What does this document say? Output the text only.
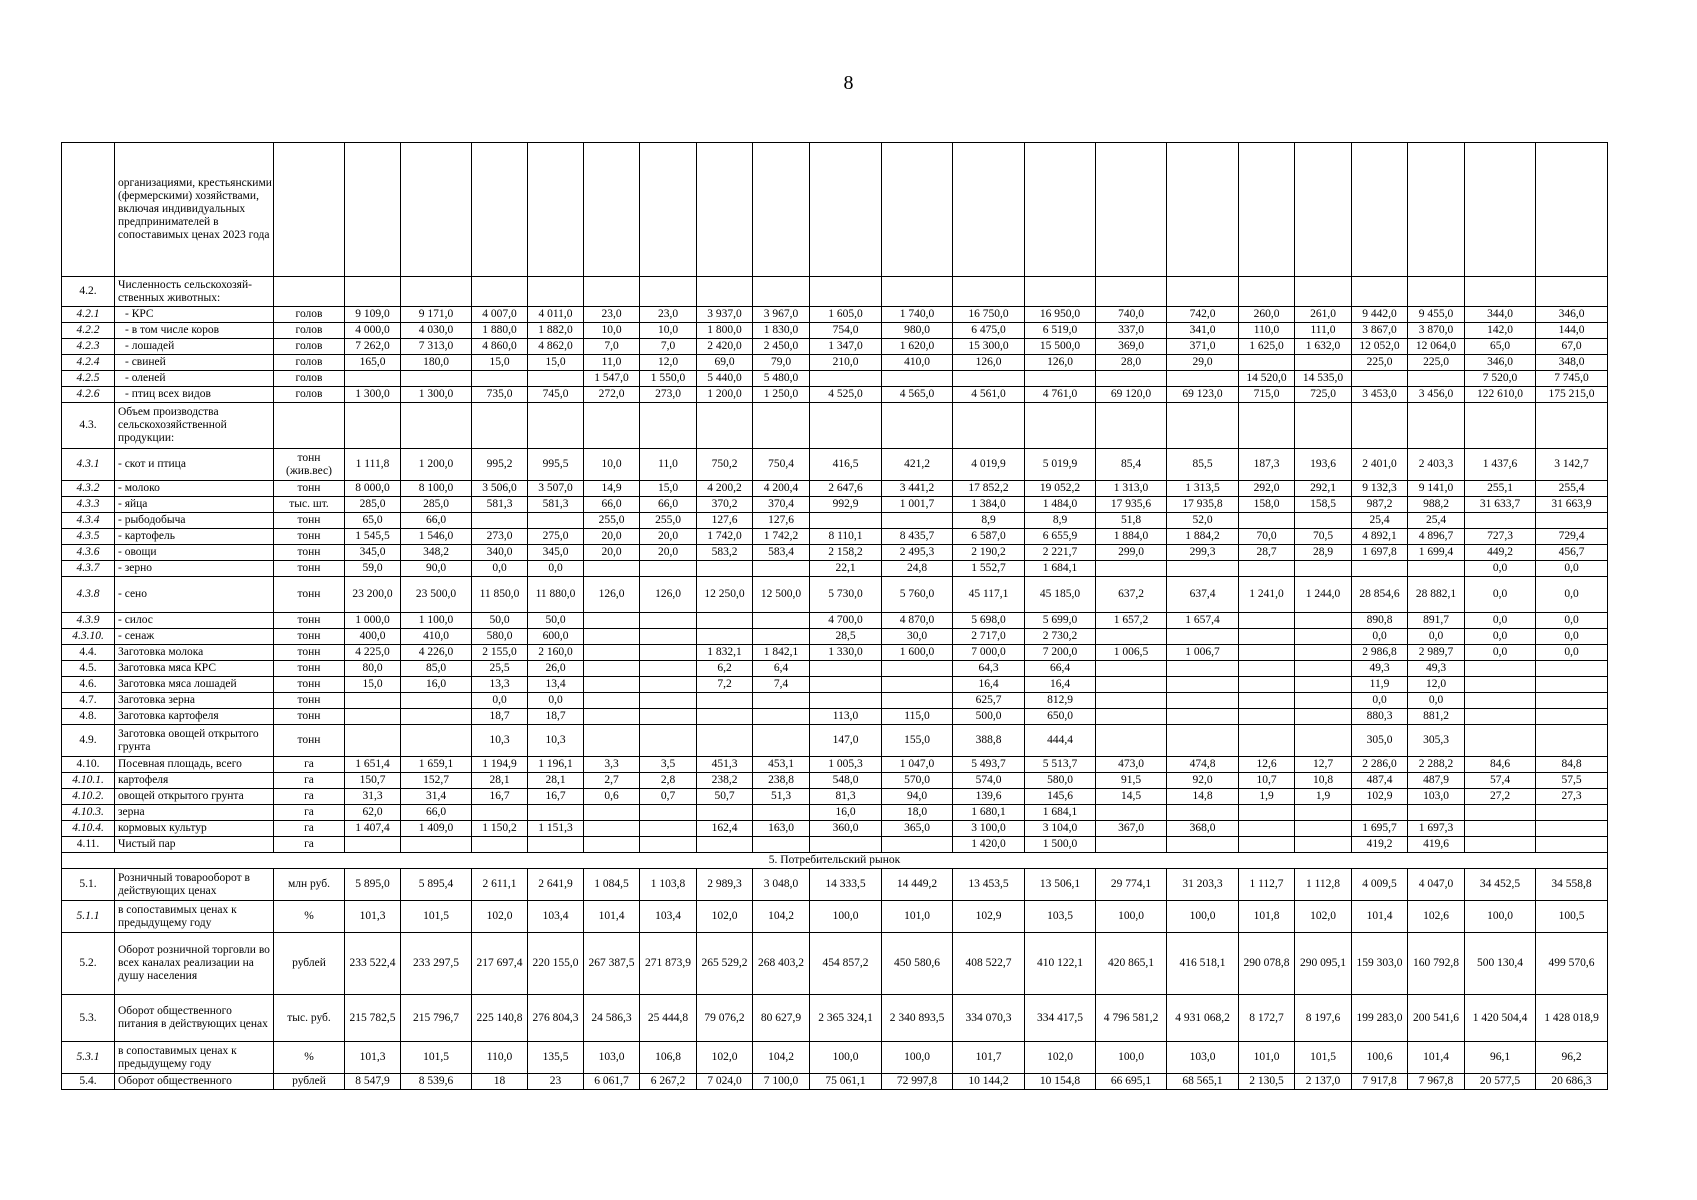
8
	организациями, крестьянскими (фермерскими) хозяйствами, включая индивидуальных предпринимателей в сопоставимых ценах 2023 года																					
4.2.	Численность сельскохозяй-ственных животных:																					
4.2.1	- КРС	голов	9 109,0	9 171,0	4 007,0	4 011,0	23,0	23,0	3 937,0	3 967,0	1 605,0	1 740,0	16 750,0	16 950,0	740,0	742,0	260,0	261,0	9 442,0	9 455,0	344,0	346,0
4.2.2	- в том числе коров	голов	4 000,0	4 030,0	1 880,0	1 882,0	10,0	10,0	1 800,0	1 830,0	754,0	980,0	6 475,0	6 519,0	337,0	341,0	110,0	111,0	3 867,0	3 870,0	142,0	144,0
4.2.3	- лошадей	голов	7 262,0	7 313,0	4 860,0	4 862,0	7,0	7,0	2 420,0	2 450,0	1 347,0	1 620,0	15 300,0	15 500,0	369,0	371,0	1 625,0	1 632,0	12 052,0	12 064,0	65,0	67,0
4.2.4	- свиней	голов	165,0	180,0	15,0	15,0	11,0	12,0	69,0	79,0	210,0	410,0	126,0	126,0	28,0	29,0			225,0	225,0	346,0	348,0
4.2.5	- оленей	голов					1 547,0	1 550,0	5 440,0	5 480,0							14 520,0	14 535,0			7 520,0	7 745,0
4.2.6	- птиц всех видов	голов	1 300,0	1 300,0	735,0	745,0	272,0	273,0	1 200,0	1 250,0	4 525,0	4 565,0	4 561,0	4 761,0	69 120,0	69 123,0	715,0	725,0	3 453,0	3 456,0	122 610,0	175 215,0
4.3.	Объем производства сельскохозяйственной продукции:																					
4.3.1	- скот и птица	тонн (жив.вес)	1 111,8	1 200,0	995,2	995,5	10,0	11,0	750,2	750,4	416,5	421,2	4 019,9	5 019,9	85,4	85,5	187,3	193,6	2 401,0	2 403,3	1 437,6	3 142,7
4.3.2	- молоко	тонн	8 000,0	8 100,0	3 506,0	3 507,0	14,9	15,0	4 200,2	4 200,4	2 647,6	3 441,2	17 852,2	19 052,2	1 313,0	1 313,5	292,0	292,1	9 132,3	9 141,0	255,1	255,4
4.3.3	- яйца	тыс. шт.	285,0	285,0	581,3	581,3	66,0	66,0	370,2	370,4	992,9	1 001,7	1 384,0	1 484,0	17 935,6	17 935,8	158,0	158,5	987,2	988,2	31 633,7	31 663,9
4.3.4	- рыбодобыча	тонн	65,0	66,0			255,0	255,0	127,6	127,6			8,9	8,9	51,8	52,0			25,4	25,4		
4.3.5	- картофель	тонн	1 545,5	1 546,0	273,0	275,0	20,0	20,0	1 742,0	1 742,2	8 110,1	8 435,7	6 587,0	6 655,9	1 884,0	1 884,2	70,0	70,5	4 892,1	4 896,7	727,3	729,4
4.3.6	- овощи	тонн	345,0	348,2	340,0	345,0	20,0	20,0	583,2	583,4	2 158,2	2 495,3	2 190,2	2 221,7	299,0	299,3	28,7	28,9	1 697,8	1 699,4	449,2	456,7
4.3.7	- зерно	тонн	59,0	90,0	0,0	0,0					22,1	24,8	1 552,7	1 684,1							0,0	0,0
4.3.8	- сено	тонн	23 200,0	23 500,0	11 850,0	11 880,0	126,0	126,0	12 250,0	12 500,0	5 730,0	5 760,0	45 117,1	45 185,0	637,2	637,4	1 241,0	1 244,0	28 854,6	28 882,1	0,0	0,0
4.3.9	- силос	тонн	1 000,0	1 100,0	50,0	50,0					4 700,0	4 870,0	5 698,0	5 699,0	1 657,2	1 657,4			890,8	891,7	0,0	0,0
4.3.10.	- сенаж	тонн	400,0	410,0	580,0	600,0					28,5	30,0	2 717,0	2 730,2					0,0	0,0	0,0	0,0
4.4.	Заготовка молока	тонн	4 225,0	4 226,0	2 155,0	2 160,0			1 832,1	1 842,1	1 330,0	1 600,0	7 000,0	7 200,0	1 006,5	1 006,7			2 986,8	2 989,7	0,0	0,0
4.5.	Заготовка мяса КРС	тонн	80,0	85,0	25,5	26,0			6,2	6,4			64,3	66,4					49,3	49,3		
4.6.	Заготовка мяса лошадей	тонн	15,0	16,0	13,3	13,4			7,2	7,4			16,4	16,4					11,9	12,0		
4.7.	Заготовка зерна	тонн			0,0	0,0							625,7	812,9					0,0	0,0		
4.8.	Заготовка картофеля	тонн			18,7	18,7					113,0	115,0	500,0	650,0					880,3	881,2		
4.9.	Заготовка овощей открытого грунта	тонн			10,3	10,3					147,0	155,0	388,8	444,4					305,0	305,3		
4.10.	Посевная площадь, всего	га	1 651,4	1 659,1	1 194,9	1 196,1	3,3	3,5	451,3	453,1	1 005,3	1 047,0	5 493,7	5 513,7	473,0	474,8	12,6	12,7	2 286,0	2 288,2	84,6	84,8
4.10.1.	картофеля	га	150,7	152,7	28,1	28,1	2,7	2,8	238,2	238,8	548,0	570,0	574,0	580,0	91,5	92,0	10,7	10,8	487,4	487,9	57,4	57,5
4.10.2.	овощей открытого грунта	га	31,3	31,4	16,7	16,7	0,6	0,7	50,7	51,3	81,3	94,0	139,6	145,6	14,5	14,8	1,9	1,9	102,9	103,0	27,2	27,3
4.10.3.	зерна	га	62,0	66,0							16,0	18,0	1 680,1	1 684,1								
4.10.4.	кормовых культур	га	1 407,4	1 409,0	1 150,2	1 151,3			162,4	163,0	360,0	365,0	3 100,0	3 104,0	367,0	368,0			1 695,7	1 697,3		
4.11.	Чистый пар	га											1 420,0	1 500,0					419,2	419,6		
5. Потребительский рынок																						
5.1.	Розничный товарооборот в действующих ценах	млн руб.	5 895,0	5 895,4	2 611,1	2 641,9	1 084,5	1 103,8	2 989,3	3 048,0	14 333,5	14 449,2	13 453,5	13 506,1	29 774,1	31 203,3	1 112,7	1 112,8	4 009,5	4 047,0	34 452,5	34 558,8
5.1.1	в сопоставимых ценах к предыдущему году	%	101,3	101,5	102,0	103,4	101,4	103,4	102,0	104,2	100,0	101,0	102,9	103,5	100,0	100,0	101,8	102,0	101,4	102,6	100,0	100,5
5.2.	Оборот розничной торговли во всех каналах реализации на душу населения	рублей	233 522,4	233 297,5	217 697,4	220 155,0	267 387,5	271 873,9	265 529,2	268 403,2	454 857,2	450 580,6	408 522,7	410 122,1	420 865,1	416 518,1	290 078,8	290 095,1	159 303,0	160 792,8	500 130,4	499 570,6
5.3.	Оборот общественного питания в действующих ценах	тыс. руб.	215 782,5	215 796,7	225 140,8	276 804,3	24 586,3	25 444,8	79 076,2	80 627,9	2 365 324,1	2 340 893,5	334 070,3	334 417,5	4 796 581,2	4 931 068,2	8 172,7	8 197,6	199 283,0	200 541,6	1 420 504,4	1 428 018,9
5.3.1	в сопоставимых ценах к предыдущему году	%	101,3	101,5	110,0	135,5	103,0	106,8	102,0	104,2	100,0	100,0	101,7	102,0	100,0	103,0	101,0	101,5	100,6	101,4	96,1	96,2
5.4.	Оборот общественного	рублей	8 547,9	8 539,6	18	23	6 061,7	6 267,2	7 024,0	7 100,0	75 061,1	72 997,8	10 144,2	10 154,8	66 695,1	68 565,1	2 130,5	2 137,0	7 917,8	7 967,8	20 577,5	20 686,3
